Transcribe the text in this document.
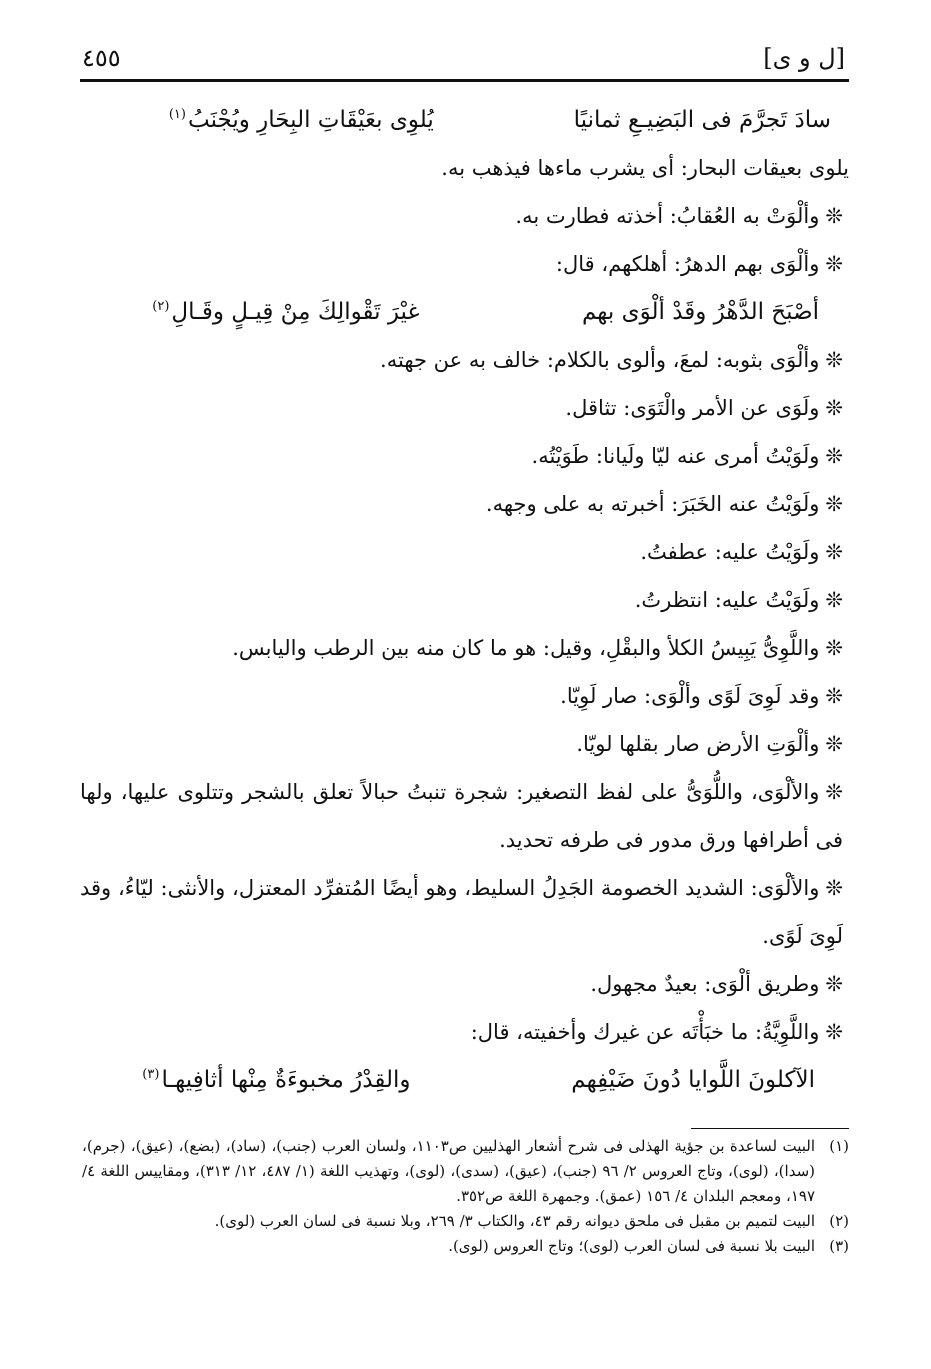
[ل و ى]
٤٥٥
سادَ تَجرَّمَ فى البَضِيـعِ ثمانيًا
يُلوِى بعَيْقَاتِ البِحَارِ ويُجْنَبُ$^{(١)}$
يلوى بعيقات البحار: أى يشرب ماءها فيذهب به.
❊وألْوَتْ به العُقابُ: أخذته فطارت به.
❊وألْوَى بهم الدهرُ: أهلكهم، قال:
أصْبَحَ الدَّهْرُ وقَدْ ألْوَى بهم
غيْرَ تَقْوالِكَ مِنْ قِيـلٍ وقَـالِ$^{(٢)}$
❊وألْوَى بثوبه: لمعَ، وألوى بالكلام: خالف به عن جهته.
❊ولَوَى عن الأمر والْتَوَى: تثاقل.
❊ولَوَيْتُ أمرى عنه ليّا ولَيانا: طَوَيْتُه.
❊ولَوَيْتُ عنه الخَبَرَ: أخبرته به على وجهه.
❊ولَوَيْتُ عليه: عطفتُ.
❊ولَوَيْتُ عليه: انتظرتُ.
❊واللَّوِىُّ يَبِيسُ الكلأ والبقْلِ، وقيل: هو ما كان منه بين الرطب واليابس.
❊وقد لَوِىَ لَوًى وألْوَى: صار لَوِيّا.
❊وألْوَتِ الأرض صار بقلها لويّا.
❊والألْوَى، واللُّوَىُّ على لفظ التصغير: شجرة تنبتُ حبالاً تعلق بالشجر وتتلوى عليها، ولها فى أطرافها ورق مدور فى طرفه تحديد.
❊والألْوَى: الشديد الخصومة الجَدِلُ السليط، وهو أيضًا المُتفرِّد المعتزل، والأنثى: ليّاءُ، وقد لَوِىَ لَوًى.
❊وطريق ألْوَى: بعيدٌ مجهول.
❊واللَّوِيَّةُ: ما خبَأْتَه عن غيرك وأخفيته، قال:
الآكلونَ اللَّوايا دُونَ ضَيْفِهم
والقِدْرُ مخبوءَةٌ مِنْها أثافِيهـا$^{(٣)}$
(١)
البيت لساعدة بن جؤية الهذلى فى شرح أشعار الهذليين ص١١٠٣، ولسان العرب (جنب)، (ساد)، (بضع)، (عيق)، (جرم)، (سدا)، (لوى)، وتاج العروس ٢/ ٩٦ (جنب)، (عيق)، (سدى)، (لوى)، وتهذيب اللغة (١/ ٤٨٧، ١٢/ ٣١٣)، ومقاييس اللغة ٤/ ١٩٧، ومعجم البلدان ٤/ ١٥٦ (عمق). وجمهرة اللغة ص٣٥٢.
(٢)
البيت لتميم بن مقبل فى ملحق ديوانه رقم ٤٣، والكتاب ٣/ ٢٦٩، وبلا نسبة فى لسان العرب (لوى).
(٣)
البيت بلا نسبة فى لسان العرب (لوى)؛ وتاج العروس (لوى).
